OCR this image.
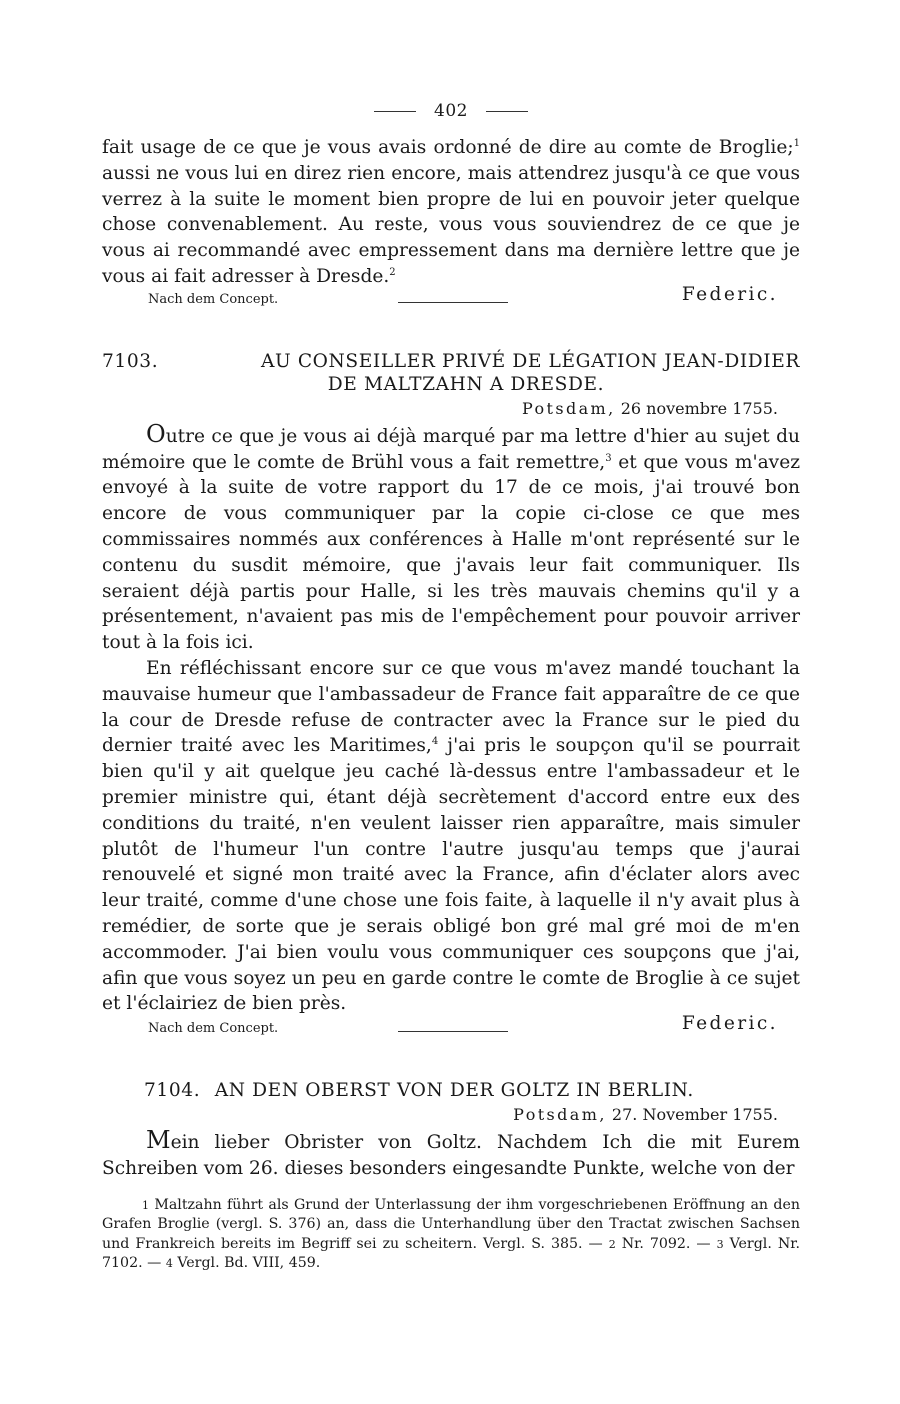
402

fait usage de ce que je vous avais ordonné de dire au comte de Broglie;$^1$ aussi ne vous lui en direz rien encore, mais attendrez jusqu'à ce que vous verrez à la suite le moment bien propre de lui en pouvoir jeter quelque chose convenablement. Au reste, vous vous souviendrez de ce que je vous ai recommandé avec empressement dans ma dernière lettre que je vous ai fait adresser à Dresde.$^2$

Federic.
Nach dem Concept.
7103.	AU CONSEILLER PRIVÉ DE LÉGATION JEAN-DIDIER
DE MALTZAHN A DRESDE.
Potsdam, 26 novembre 1755.

Outre ce que je vous ai déjà marqué par ma lettre d'hier au sujet du mémoire que le comte de Brühl vous a fait remettre,$^3$ et que vous m'avez envoyé à la suite de votre rapport du 17 de ce mois, j'ai trouvé bon encore de vous communiquer par la copie ci-close ce que mes commissaires nommés aux conférences à Halle m'ont représenté sur le contenu du susdit mémoire, que j'avais leur fait communiquer. Ils seraient déjà partis pour Halle, si les très mauvais chemins qu'il y a présentement, n'avaient pas mis de l'empêchement pour pouvoir arriver tout à la fois ici.

En réfléchissant encore sur ce que vous m'avez mandé touchant la mauvaise humeur que l'ambassadeur de France fait apparaître de ce que la cour de Dresde refuse de contracter avec la France sur le pied du dernier traité avec les Maritimes,$^4$ j'ai pris le soupçon qu'il se pourrait bien qu'il y ait quelque jeu caché là-dessus entre l'ambassadeur et le premier ministre qui, étant déjà secrètement d'accord entre eux des conditions du traité, n'en veulent laisser rien apparaître, mais simuler plutôt de l'humeur l'un contre l'autre jusqu'au temps que j'aurai renouvelé et signé mon traité avec la France, afin d'éclater alors avec leur traité, comme d'une chose une fois faite, à laquelle il n'y avait plus à remédier, de sorte que je serais obligé bon gré mal gré moi de m'en accommoder. J'ai bien voulu vous communiquer ces soupçons que j'ai, afin que vous soyez un peu en garde contre le comte de Broglie à ce sujet et l'éclairiez de bien près.

Federic.
Nach dem Concept.
7104. AN DEN OBERST VON DER GOLTZ IN BERLIN.
Potsdam, 27. November 1755.

Mein lieber Obrister von Goltz. Nachdem Ich die mit Eurem Schreiben vom 26. dieses besonders eingesandte Punkte, welche von der

1 Maltzahn führt als Grund der Unterlassung der ihm vorgeschriebenen Eröffnung an den Grafen Broglie (vergl. S. 376) an, dass die Unterhandlung über den Tractat zwischen Sachsen und Frankreich bereits im Begriff sei zu scheitern. Vergl. S. 385. — 2 Nr. 7092. — 3 Vergl. Nr. 7102. — 4 Vergl. Bd. VIII, 459.
